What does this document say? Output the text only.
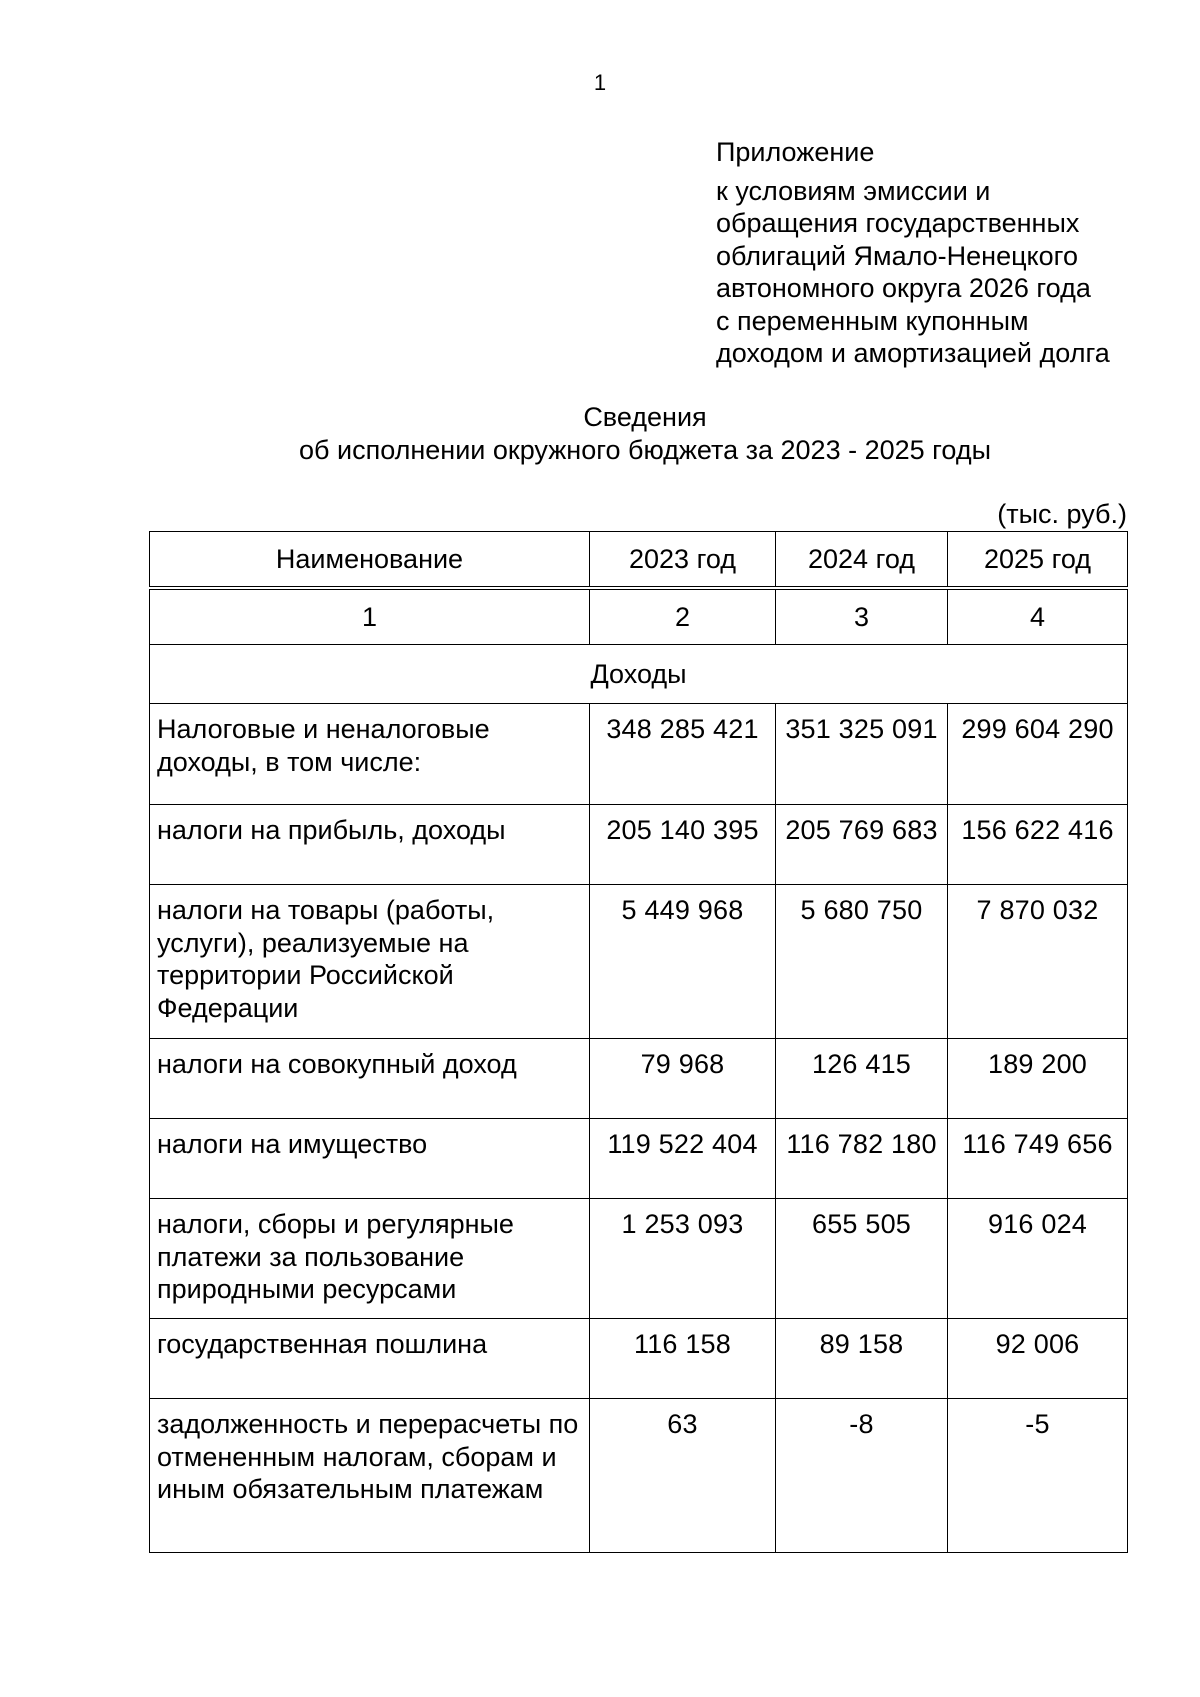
1
Приложение
к условиям эмиссии и
обращения государственных
облигаций Ямало-Ненецкого
автономного округа 2026 года
с переменным купонным
доходом и амортизацией долга
Сведения
об исполнении окружного бюджета за 2023 - 2025 годы
(тыс. руб.)
Наименование	2023 год	2024 год	2025 год

1	2	3	4
Доходы			
Налоговые и неналоговые доходы, в том числе:	348 285 421	351 325 091	299 604 290
налоги на прибыль, доходы	205 140 395	205 769 683	156 622 416
налоги на товары (работы, услуги), реализуемые на территории Российской Федерации	5 449 968	5 680 750	7 870 032
налоги на совокупный доход	79 968	126 415	189 200
налоги на имущество	119 522 404	116 782 180	116 749 656
налоги, сборы и регулярные платежи за пользование природными ресурсами	1 253 093	655 505	916 024
государственная пошлина	116 158	89 158	92 006
задолженность и перерасчеты по отмененным налогам, сборам и иным обязательным платежам	63	-8	-5
